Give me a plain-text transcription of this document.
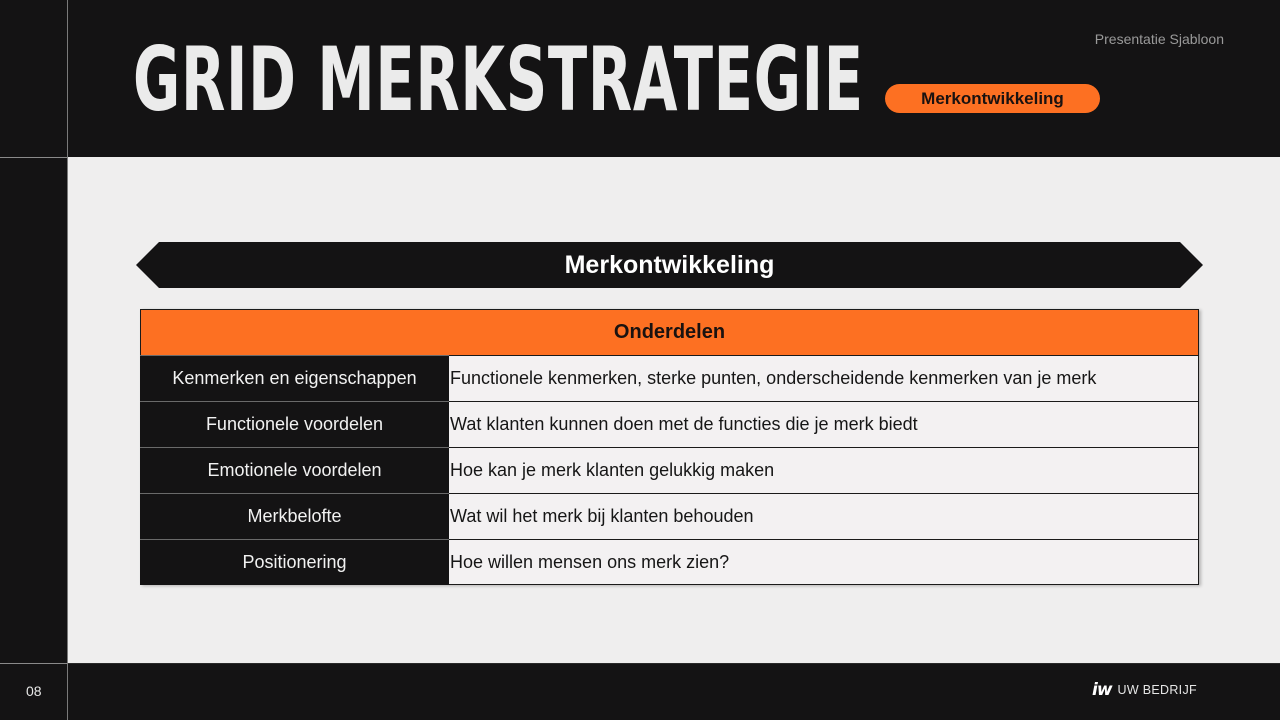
GRID MERKSTRATEGIE	Presentatie Sjabloon
Merkontwikkeling
Merkontwikkeling
Onderdelen
Kenmerken en eigenschappen	Functionele kenmerken, sterke punten, onderscheidende kenmerken van je merk
Functionele voordelen	Wat klanten kunnen doen met de functies die je merk biedt
Emotionele voordelen	Hoe kan je merk klanten gelukkig maken
Merkbelofte	Wat wil het merk bij klanten behouden
Positionering	Hoe willen mensen ons merk zien?
08	iw UW BEDRIJF
